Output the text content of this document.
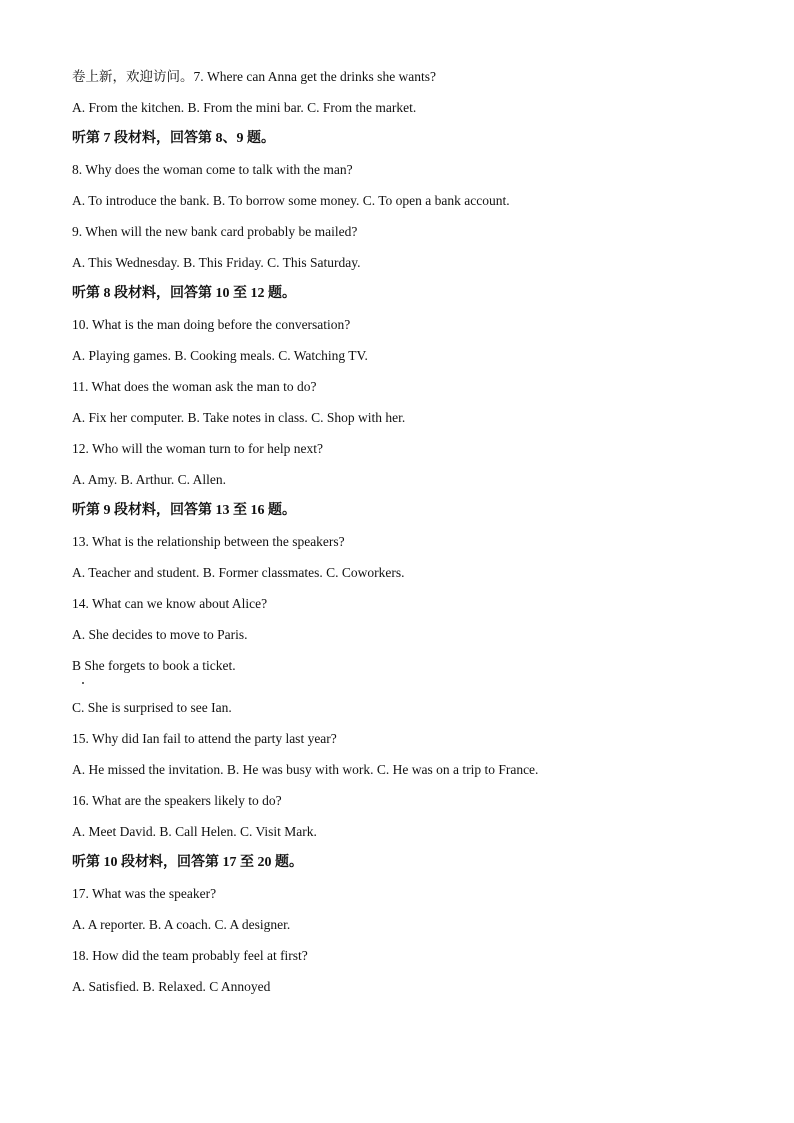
卷上新，欢迎访问。7. Where can Anna get the drinks she wants?
A. From the kitchen. B. From the mini bar. C. From the market.
听第 7 段材料，回答第 8、9 题。
8. Why does the woman come to talk with the man?
A. To introduce the bank. B. To borrow some money. C. To open a bank account.
9. When will the new bank card probably be mailed?
A. This Wednesday. B. This Friday. C. This Saturday.
听第 8 段材料，回答第 10 至 12 题。
10. What is the man doing before the conversation?
A. Playing games. B. Cooking meals. C. Watching TV.
11. What does the woman ask the man to do?
A. Fix her computer. B. Take notes in class. C. Shop with her.
12. Who will the woman turn to for help next?
A. Amy. B. Arthur. C. Allen.
听第 9 段材料，回答第 13 至 16 题。
13. What is the relationship between the speakers?
A. Teacher and student. B. Former classmates. C. Coworkers.
14. What can we know about Alice?
A. She decides to move to Paris.
B She forgets to book a ticket.
C. She is surprised to see Ian.
15. Why did Ian fail to attend the party last year?
A. He missed the invitation. B. He was busy with work. C. He was on a trip to France.
16. What are the speakers likely to do?
A. Meet David. B. Call Helen. C. Visit Mark.
听第 10 段材料，回答第 17 至 20 题。
17. What was the speaker?
A. A reporter. B. A coach. C. A designer.
18. How did the team probably feel at first?
A. Satisfied. B. Relaxed. C Annoyed
